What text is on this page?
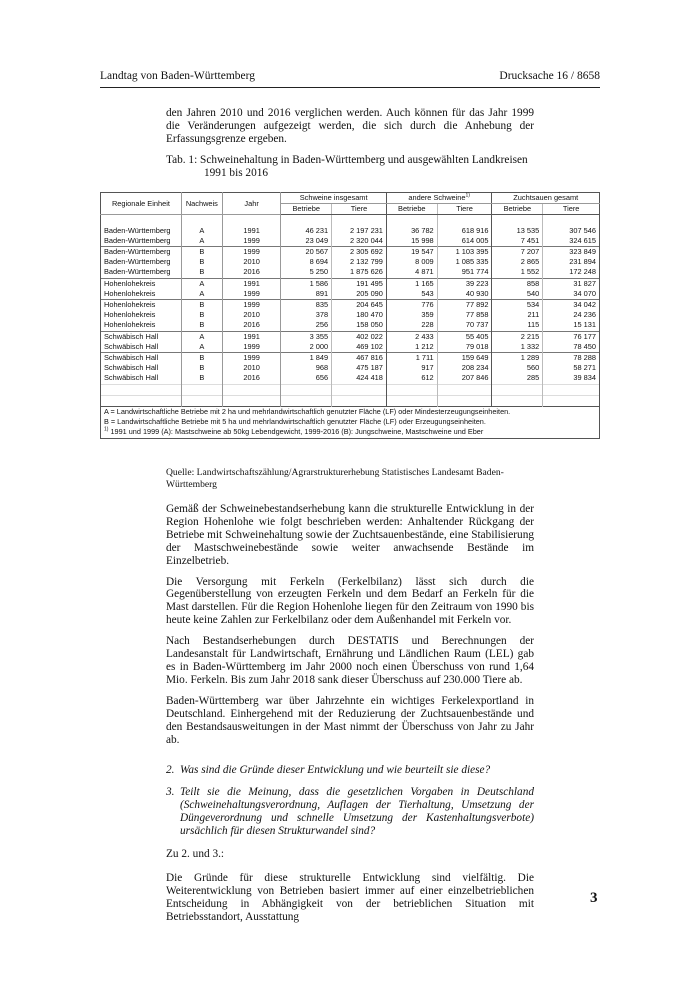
Landtag von Baden-Württemberg	Drucksache 16 / 8658

den Jahren 2010 und 2016 verglichen werden. Auch können für das Jahr 1999 die Veränderungen aufgezeigt werden, die sich durch die Anhebung der Erfassungsgrenze ergeben.

Tab. 1: Schweinehaltung in Baden-Württemberg und ausgewählten Landkreisen
1991 bis 2016
Regionale Einheit	Nachweis	Jahr	Schweine insgesamt		andere Schweine$^{1)}$		Zuchtsauen gesamt	
			Betriebe	Tiere	Betriebe	Tiere	Betriebe	Tiere

Baden-Württemberg	A	1991	46 231	2 197 231	36 782	618 916	13 535	307 546
Baden-Württemberg	A	1999	23 049	2 320 044	15 998	614 005	7 451	324 615
Baden-Württemberg	B	1999	20 567	2 305 692	19 547	1 103 395	7 207	323 849
Baden-Württemberg	B	2010	8 694	2 132 799	8 009	1 085 335	2 865	231 894
Baden-Württemberg	B	2016	5 250	1 875 626	4 871	951 774	1 552	172 248
Hohenlohekreis	A	1991	1 586	191 495	1 165	39 223	858	31 827
Hohenlohekreis	A	1999	891	205 090	543	40 930	540	34 070
Hohenlohekreis	B	1999	835	204 645	776	77 892	534	34 042
Hohenlohekreis	B	2010	378	180 470	359	77 858	211	24 236
Hohenlohekreis	B	2016	256	158 050	228	70 737	115	15 131
Schwäbisch Hall	A	1991	3 355	402 022	2 433	55 405	2 215	76 177
Schwäbisch Hall	A	1999	2 000	469 102	1 212	79 018	1 332	78 450
Schwäbisch Hall	B	1999	1 849	467 816	1 711	159 649	1 289	78 288
Schwäbisch Hall	B	2010	968	475 187	917	208 234	560	58 271
Schwäbisch Hall	B	2016	656	424 418	612	207 846	285	39 834

A = Landwirtschaftliche Betriebe mit 2 ha und mehrlandwirtschaftlich genutzter Fläche (LF) oder Mindesterzeugungseinheiten.								
B = Landwirtschaftliche Betriebe mit 5 ha und mehrlandwirtschaftlich genutzter Fläche (LF) oder Erzeugungseinheiten.								
$^{1)}$ 1991 und 1999 (A): Mastschweine ab 50kg Lebendgewicht, 1999-2016 (B): Jungschweine, Mastschweine und Eber								
Quelle: Landwirtschaftszählung/Agrarstrukturerhebung Statistisches Landesamt Baden-Württemberg

Gemäß der Schweinebestandserhebung kann die strukturelle Entwicklung in der Region Hohenlohe wie folgt beschrieben werden: Anhaltender Rückgang der Betriebe mit Schweinehaltung sowie der Zuchtsauenbestände, eine Stabilisierung der Mastschweinebestände sowie weiter anwachsende Bestände im Einzelbetrieb.

Die Versorgung mit Ferkeln (Ferkelbilanz) lässt sich durch die Gegenüberstellung von erzeugten Ferkeln und dem Bedarf an Ferkeln für die Mast darstellen. Für die Region Hohenlohe liegen für den Zeitraum von 1990 bis heute keine Zahlen zur Ferkelbilanz oder dem Außenhandel mit Ferkeln vor.

Nach Bestandserhebungen durch DESTATIS und Berechnungen der Landesanstalt für Landwirtschaft, Ernährung und Ländlichen Raum (LEL) gab es in Baden-Württemberg im Jahr 2000 noch einen Überschuss von rund 1,64 Mio. Ferkeln. Bis zum Jahr 2018 sank dieser Überschuss auf 230.000 Tiere ab.

Baden-Württemberg war über Jahrzehnte ein wichtiges Ferkelexportland in Deutschland. Einhergehend mit der Reduzierung der Zuchtsauenbestände und den Bestandsausweitungen in der Mast nimmt der Überschuss von Jahr zu Jahr ab.

2. Was sind die Gründe dieser Entwicklung und wie beurteilt sie diese?
3. Teilt sie die Meinung, dass die gesetzlichen Vorgaben in Deutschland (Schweinehaltungsverordnung, Auflagen der Tierhaltung, Umsetzung der Düngeverordnung und schnelle Umsetzung der Kastenhaltungsverbote) ursächlich für diesen Strukturwandel sind?
Zu 2. und 3.:

Die Gründe für diese strukturelle Entwicklung sind vielfältig. Die Weiterentwicklung von Betrieben basiert immer auf einer einzelbetrieblichen Entscheidung in Abhängigkeit von der betrieblichen Situation mit Betriebsstandort, Ausstattung

3
